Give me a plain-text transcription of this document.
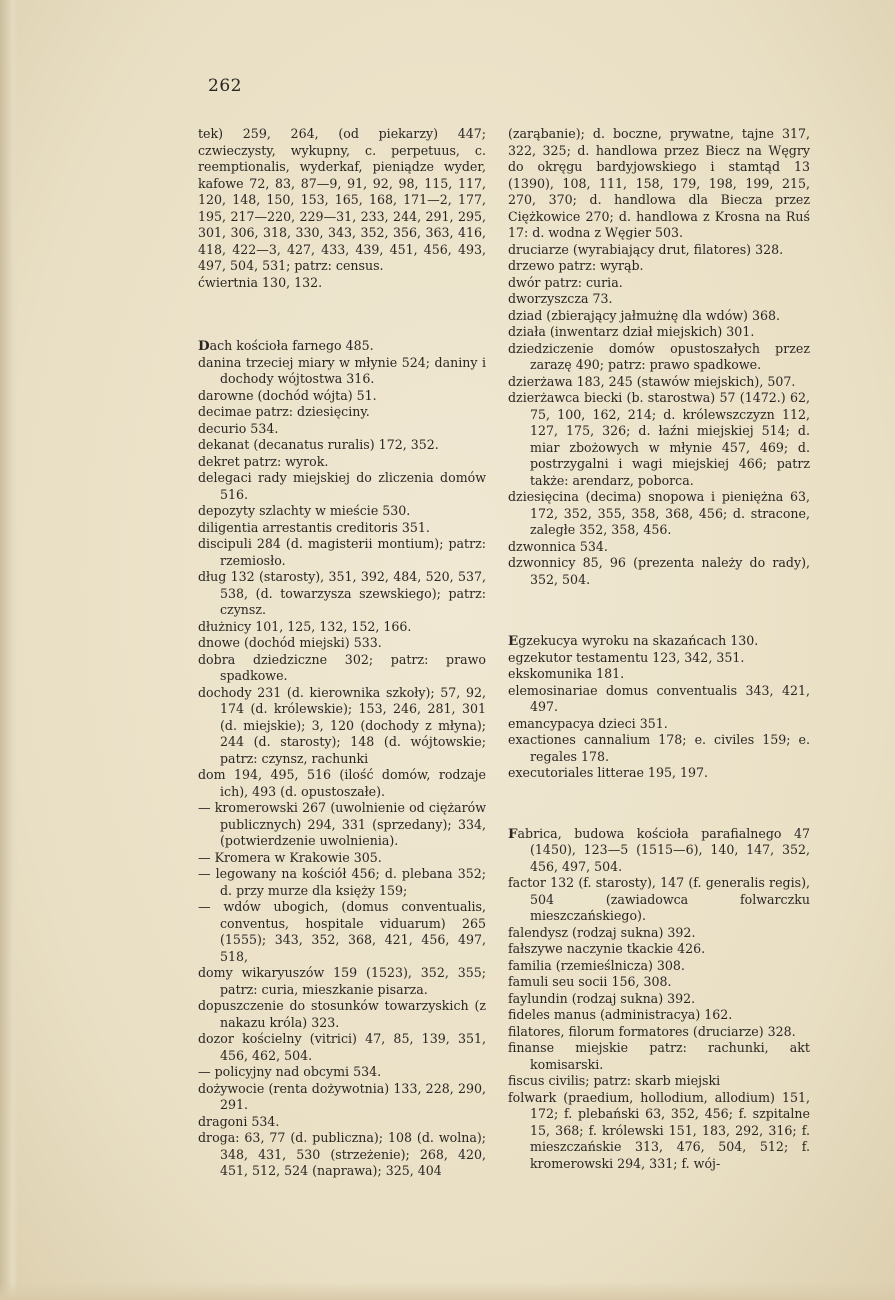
262

tek) 259, 264, (od piekarzy) 447; czwieczysty, wykupny, c. perpetuus, c. reemptionalis, wyderkaf, pieniądze wyder, kafowe 72, 83, 87—9, 91, 92, 98, 115, 117, 120, 148, 150, 153, 165, 168, 171—2, 177, 195, 217—220, 229—31, 233, 244, 291, 295, 301, 306, 318, 330, 343, 352, 356, 363, 416, 418, 422—3, 427, 433, 439, 451, 456, 493, 497, 504, 531; patrz: census.

ćwiertnia 130, 132.

Dach kościoła farnego 485.

danina trzeciej miary w młynie 524; daniny i dochody wójtostwa 316.

darowne (dochód wójta) 51.

decimae patrz: dziesięciny.

decurio 534.

dekanat (decanatus ruralis) 172, 352.

dekret patrz: wyrok.

delegaci rady miejskiej do zliczenia domów 516.

depozyty szlachty w mieście 530.

diligentia arrestantis creditoris 351.

discipuli 284 (d. magisterii montium); patrz: rzemiosło.

dług 132 (starosty), 351, 392, 484, 520, 537, 538, (d. towarzysza szewskiego); patrz: czynsz.

dłużnicy 101, 125, 132, 152, 166.

dnowe (dochód miejski) 533.

dobra dziedziczne 302; patrz: prawo spadkowe.

dochody 231 (d. kierownika szkoły); 57, 92, 174 (d. królewskie); 153, 246, 281, 301 (d. miejskie); 3, 120 (dochody z młyna); 244 (d. starosty); 148 (d. wójtowskie; patrz: czynsz, rachunki

dom 194, 495, 516 (ilość domów, rodzaje ich), 493 (d. opustoszałe).

— kromerowski 267 (uwolnienie od ciężarów publicznych) 294, 331 (sprzedany); 334, (potwierdzenie uwolnienia).

— Kromera w Krakowie 305.

— legowany na kościół 456; d. plebana 352; d. przy murze dla księży 159;

— wdów ubogich, (domus conventualis, conventus, hospitale viduarum) 265 (1555); 343, 352, 368, 421, 456, 497, 518,

domy wikaryuszów 159 (1523), 352, 355; patrz: curia, mieszkanie pisarza.

dopuszczenie do stosunków towarzyskich (z nakazu króla) 323.

dozor kościelny (vitrici) 47, 85, 139, 351, 456, 462, 504.

— policyjny nad obcymi 534.

dożywocie (renta dożywotnia) 133, 228, 290, 291.

dragoni 534.

droga: 63, 77 (d. publiczna); 108 (d. wolna); 348, 431, 530 (strzeżenie); 268, 420, 451, 512, 524 (naprawa); 325, 404

(zarąbanie); d. boczne, prywatne, tajne 317, 322, 325; d. handlowa przez Biecz na Węgry do okręgu bardyjowskiego i stamtąd 13 (1390), 108, 111, 158, 179, 198, 199, 215, 270, 370; d. handlowa dla Biecza przez Ciężkowice 270; d. handlowa z Krosna na Ruś 17: d. wodna z Węgier 503.

druciarze (wyrabiający drut, filatores) 328.

drzewo patrz: wyrąb.

dwór patrz: curia.

dworzyszcza 73.

dziad (zbierający jałmużnę dla wdów) 368.

działa (inwentarz dział miejskich) 301.

dziedziczenie domów opustoszałych przez zarazę 490; patrz: prawo spadkowe.

dzierżawa 183, 245 (stawów miejskich), 507.

dzierżawca biecki (b. starostwa) 57 (1472.) 62, 75, 100, 162, 214; d. królewszczyzn 112, 127, 175, 326; d. łaźni miejskiej 514; d. miar zbożowych w młynie 457, 469; d. postrzygalni i wagi miejskiej 466; patrz także: arendarz, poborca.

dziesięcina (decima) snopowa i pieniężna 63, 172, 352, 355, 358, 368, 456; d. stracone, zaległe 352, 358, 456.

dzwonnica 534.

dzwonnicy 85, 96 (prezenta należy do rady), 352, 504.

Egzekucya wyroku na skazańcach 130.

egzekutor testamentu 123, 342, 351.

ekskomunika 181.

elemosinariae domus conventualis 343, 421, 497.

emancypacya dzieci 351.

exactiones cannalium 178; e. civiles 159; e. regales 178.

executoriales litterae 195, 197.

Fabrica, budowa kościoła parafialnego 47 (1450), 123—5 (1515—6), 140, 147, 352, 456, 497, 504.

factor 132 (f. starosty), 147 (f. generalis regis), 504 (zawiadowca folwarczku mieszczańskiego).

falendysz (rodzaj sukna) 392.

fałszywe naczynie tkackie 426.

familia (rzemieślnicza) 308.

famuli seu socii 156, 308.

faylundin (rodzaj sukna) 392.

fideles manus (administracya) 162.

filatores, filorum formatores (druciarze) 328.

finanse miejskie patrz: rachunki, akt komisarski.

fiscus civilis; patrz: skarb miejski

folwark (praedium, hollodium, allodium) 151, 172; f. plebański 63, 352, 456; f. szpitalne 15, 368; f. królewski 151, 183, 292, 316; f. mieszczańskie 313, 476, 504, 512; f. kromerowski 294, 331; f. wój-
